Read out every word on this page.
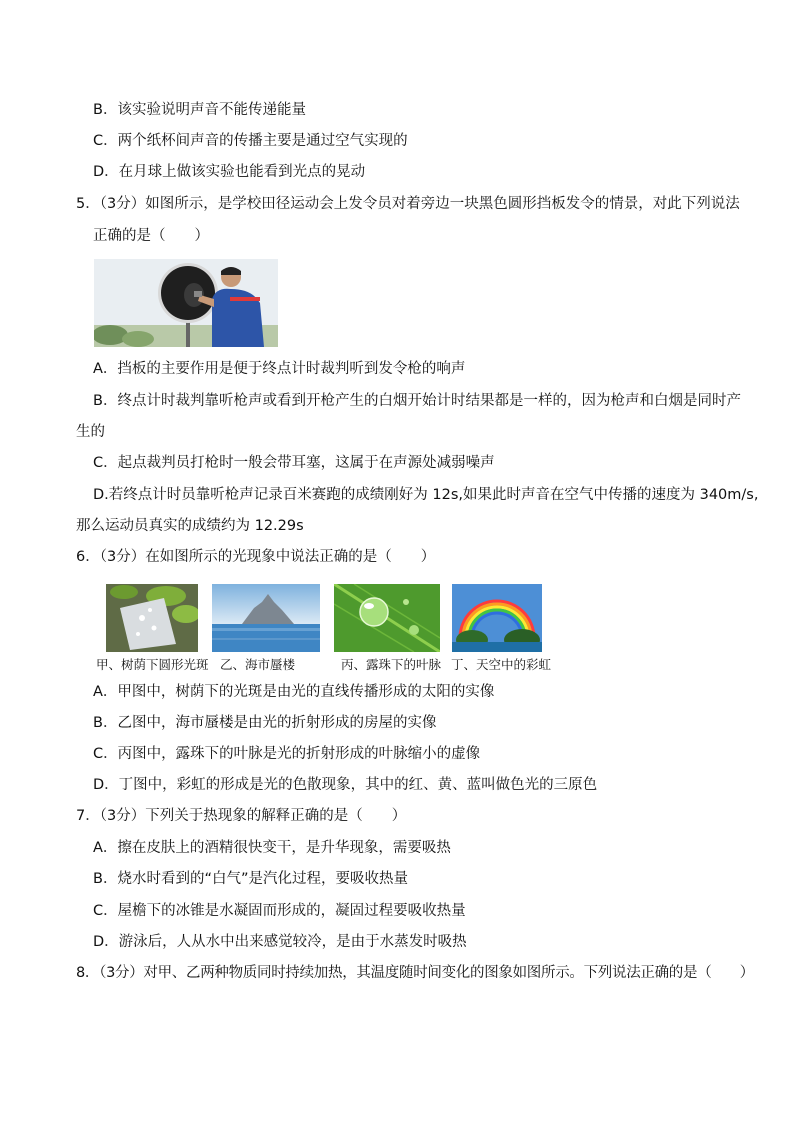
B．该实验说明声音不能传递能量
C．两个纸杯间声音的传播主要是通过空气实现的
D．在月球上做该实验也能看到光点的晃动
5．（3分）如图所示，是学校田径运动会上发令员对着旁边一块黑色圆形挡板发令的情景，对此下列说法
正确的是（　　）
A．挡板的主要作用是便于终点计时裁判听到发令枪的响声
B．终点计时裁判靠听枪声或看到开枪产生的白烟开始计时结果都是一样的，因为枪声和白烟是同时产
生的
C．起点裁判员打枪时一般会带耳塞，这属于在声源处减弱噪声
D.若终点计时员靠听枪声记录百米赛跑的成绩刚好为 12s,如果此时声音在空气中传播的速度为 340m/s,
那么运动员真实的成绩约为 12.29s
6．（3分）在如图所示的光现象中说法正确的是（　　）
甲、树荫下圆形光斑 乙、海市蜃楼	丙、露珠下的叶脉 丁、天空中的彩虹
A．甲图中，树荫下的光斑是由光的直线传播形成的太阳的实像
B．乙图中，海市蜃楼是由光的折射形成的房屋的实像
C．丙图中，露珠下的叶脉是光的折射形成的叶脉缩小的虚像
D．丁图中，彩虹的形成是光的色散现象，其中的红、黄、蓝叫做色光的三原色
7．（3分）下列关于热现象的解释正确的是（　　）
A．擦在皮肤上的酒精很快变干，是升华现象，需要吸热
B．烧水时看到的“白气”是汽化过程，要吸收热量
C．屋檐下的冰锥是水凝固而形成的，凝固过程要吸收热量
D．游泳后，人从水中出来感觉较冷，是由于水蒸发时吸热
8．（3分）对甲、乙两种物质同时持续加热，其温度随时间变化的图象如图所示。下列说法正确的是（　　）
